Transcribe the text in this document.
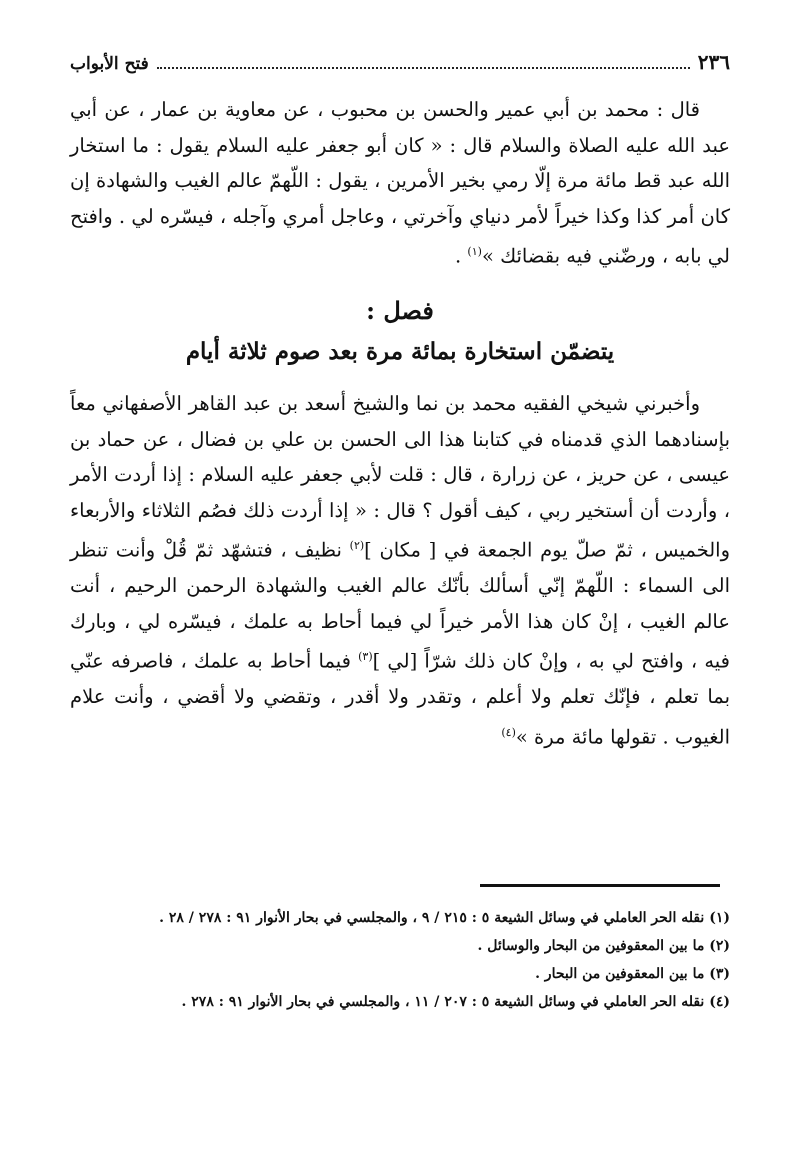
٢٣٦
فتح الأبواب

قال : محمد بن أبي عمير والحسن بن محبوب ، عن معاوية بن عمار ، عن أبي عبد الله عليه الصلاة والسلام قال : « كان أبو جعفر عليه السلام يقول : ما استخار الله عبد قط مائة مرة إلّا رمي بخير الأمرين ، يقول : اللّهمّ عالم الغيب والشهادة إن كان أمر كذا وكذا خيراً لأمر دنياي وآخرتي ، وعاجل أمري وآجله ، فيسّره لي . وافتح لي بابه ، ورضّني فيه بقضائك »$^{(١)}$ .

فصل :
يتضمّن استخارة بمائة مرة بعد صوم ثلاثة أيام

وأخبرني شيخي الفقيه محمد بن نما والشيخ أسعد بن عبد القاهر الأصفهاني معاً بإسنادهما الذي قدمناه في كتابنا هذا الى الحسن بن علي بن فضال ، عن حماد بن عيسى ، عن حريز ، عن زرارة ، قال : قلت لأبي جعفر عليه السلام : إذا أردت الأمر ، وأردت أن أستخير ربي ، كيف أقول ؟ قال : « إذا أردت ذلك فصُم الثلاثاء والأربعاء والخميس ، ثمّ صلّ يوم الجمعة في [ مكان ]$^{(٢)}$ نظيف ، فتشهّد ثمّ قُلْ وأنت تنظر الى السماء : اللّهمّ إنّي أسألك بأنّك عالم الغيب والشهادة الرحمن الرحيم ، أنت عالم الغيب ، إنْ كان هذا الأمر خيراً لي فيما أحاط به علمك ، فيسّره لي ، وبارك فيه ، وافتح لي به ، وإنْ كان ذلك شرّاً [لي ]$^{(٣)}$ فيما أحاط به علمك ، فاصرفه عنّي بما تعلم ، فإنّك تعلم ولا أعلم ، وتقدر ولا أقدر ، وتقضي ولا أقضي ، وأنت علام الغيوب . تقولها مائة مرة »$^{(٤)}$

(١) نقله الحر العاملي في وسائل الشيعة ٥ : ٢١٥ / ٩ ، والمجلسي في بحار الأنوار ٩١ : ٢٧٨ / ٢٨ .

(٢) ما بين المعقوفين من البحار والوسائل .

(٣) ما بين المعقوفين من البحار .

(٤) نقله الحر العاملي في وسائل الشيعة ٥ : ٢٠٧ / ١١ ، والمجلسي في بحار الأنوار ٩١ : ٢٧٨ .
